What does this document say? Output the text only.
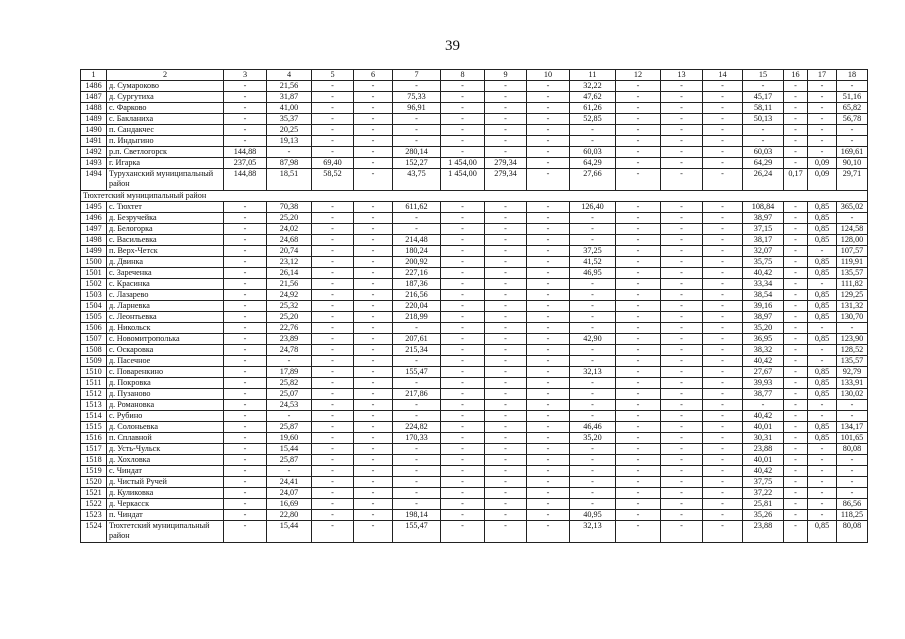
39
1	2	3	4	5	6	7	8	9	10	11	12	13	14	15	16	17	18
1486	д. Сумароково	-	21,56	-	-	-	-	-	-	32,22	-	-	-	-	-	-	-
1487	д. Сургутиха	-	31,87	-	-	75,33	-	-	-	47,62	-	-	-	45,17	-	-	51,16
1488	с. Фарково	-	41,00	-	-	96,91	-	-	-	61,26	-	-	-	58,11	-	-	65,82
1489	с. Бакланиха	-	35,37	-	-	-	-	-	-	52,85	-	-	-	50,13	-	-	56,78
1490	п. Сандакчес	-	20,25	-	-	-	-	-	-	-	-	-	-	-	-	-	-
1491	п. Индыгино	-	19,13	-	-	-	-	-	-	-	-	-	-	-	-	-	-
1492	р.п. Светлогорск	144,88	-	-	-	280,14	-	-	-	60,03	-	-	-	60,03	-	-	169,61
1493	г. Игарка	237,05	87,98	69,40	-	152,27	1 454,00	279,34	-	64,29	-	-	-	64,29	-	0,09	90,10
1494	Туруханский муниципальный район	144,88	18,51	58,52	-	43,75	1 454,00	279,34	-	27,66	-	-	-	26,24	0,17	0,09	29,71
Тюхтетский муниципальный район																	
1495	с. Тюхтет	-	70,38	-	-	611,62	-	-	-	126,40	-	-	-	108,84	-	0,85	365,02
1496	д. Безручейка	-	25,20	-	-	-	-	-	-	-	-	-	-	38,97	-	0,85	-
1497	д. Белогорка	-	24,02	-	-	-	-	-	-	-	-	-	-	37,15	-	0,85	124,58
1498	с. Васильевка	-	24,68	-	-	214,48	-	-	-	-	-	-	-	38,17	-	0,85	128,00
1499	п. Верх-Четск	-	20,74	-	-	180,24	-	-	-	37,25	-	-	-	32,07	-	-	107,57
1500	д. Двинка	-	23,12	-	-	200,92	-	-	-	41,52	-	-	-	35,75	-	0,85	119,91
1501	с. Зареченка	-	26,14	-	-	227,16	-	-	-	46,95	-	-	-	40,42	-	0,85	135,57
1502	с. Красинка	-	21,56	-	-	187,36	-	-	-	-	-	-	-	33,34	-	-	111,82
1503	с. Лазарево	-	24,92	-	-	216,56	-	-	-	-	-	-	-	38,54	-	0,85	129,25
1504	д. Ларневка	-	25,32	-	-	220,04	-	-	-	-	-	-	-	39,16	-	0,85	131,32
1505	с. Леонтьевка	-	25,20	-	-	218,99	-	-	-	-	-	-	-	38,97	-	0,85	130,70
1506	д. Никольск	-	22,76	-	-	-	-	-	-	-	-	-	-	35,20	-	-	-
1507	с. Новомитрополька	-	23,89	-	-	207,61	-	-	-	42,90	-	-	-	36,95	-	0,85	123,90
1508	с. Оскаровка	-	24,78	-	-	215,34	-	-	-	-	-	-	-	38,32	-	-	128,52
1509	д. Пасечное	-	-	-	-	-	-	-	-	-	-	-	-	40,42	-	-	135,57
1510	с. Поваренкино	-	17,89	-	-	155,47	-	-	-	32,13	-	-	-	27,67	-	0,85	92,79
1511	д. Покровка	-	25,82	-	-	-	-	-	-	-	-	-	-	39,93	-	0,85	133,91
1512	д. Пузаново	-	25,07	-	-	217,86	-	-	-	-	-	-	-	38,77	-	0,85	130,02
1513	д. Романовка	-	24,53	-	-	-	-	-	-	-	-	-	-	-	-	-	-
1514	с. Рубино	-	-	-	-	-	-	-	-	-	-	-	-	40,42	-	-	-
1515	д. Солоньевка	-	25,87	-	-	224,82	-	-	-	46,46	-	-	-	40,01	-	0,85	134,17
1516	п. Сплавной	-	19,60	-	-	170,33	-	-	-	35,20	-	-	-	30,31	-	0,85	101,65
1517	д. Усть-Чульск	-	15,44	-	-	-	-	-	-	-	-	-	-	23,88	-	-	80,08
1518	д. Хохловка	-	25,87	-	-	-	-	-	-	-	-	-	-	40,01	-	-	-
1519	с. Чиндат	-	-	-	-	-	-	-	-	-	-	-	-	40,42	-	-	-
1520	д. Чистый Ручей	-	24,41	-	-	-	-	-	-	-	-	-	-	37,75	-	-	-
1521	д. Куликовка	-	24,07	-	-	-	-	-	-	-	-	-	-	37,22	-	-	-
1522	д. Черкасск	-	16,69	-	-	-	-	-	-	-	-	-	-	25,81	-	-	86,56
1523	п. Чиндат	-	22,80	-	-	198,14	-	-	-	40,95	-	-	-	35,26	-	-	118,25
1524	Тюхтетский муниципальный район	-	15,44	-	-	155,47	-	-	-	32,13	-	-	-	23,88	-	0,85	80,08
